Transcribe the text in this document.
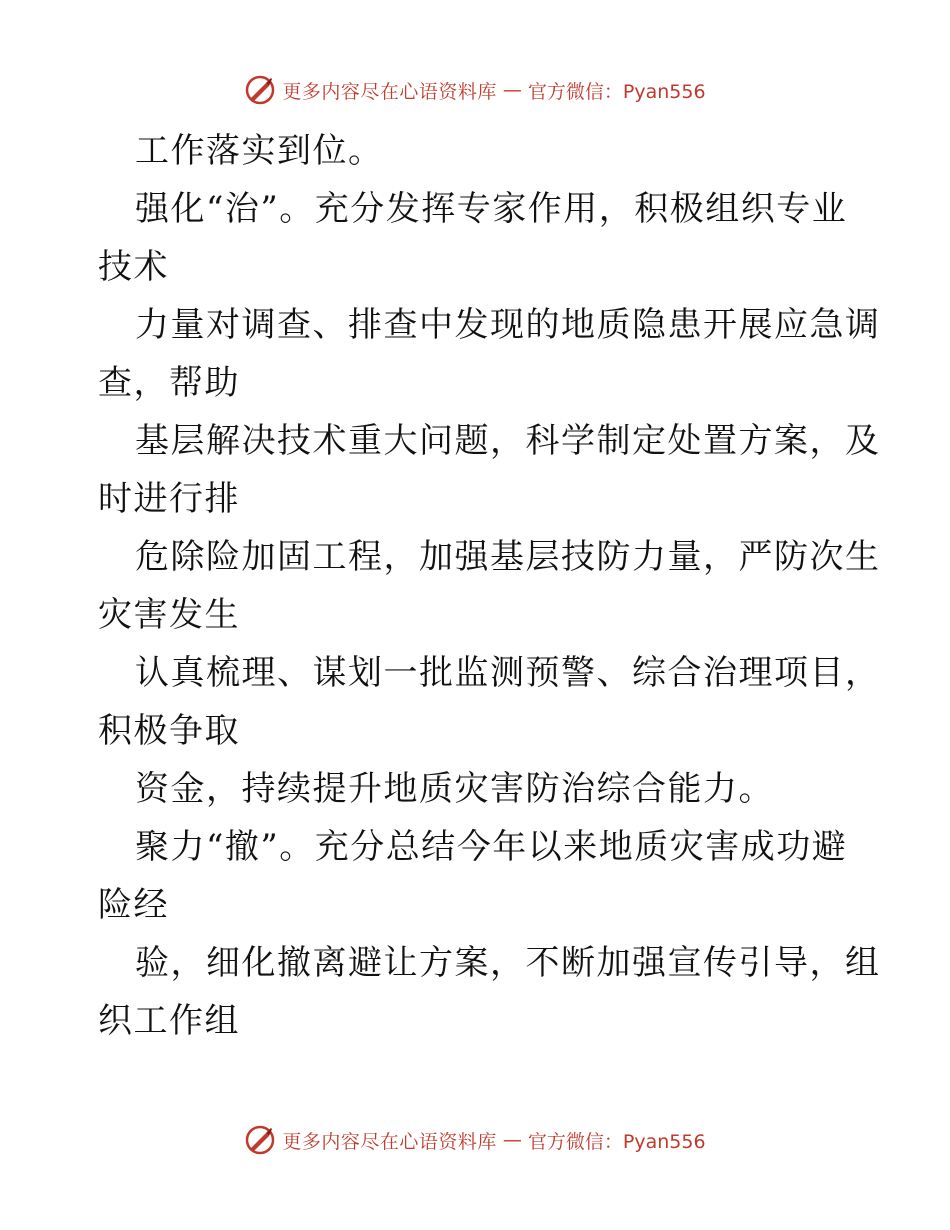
更多内容尽在心语资料库 — 官方微信：Pyan556
工作落实到位。
强化“治”。充分发挥专家作用，积极组织专业
技术
力量对调查、排查中发现的地质隐患开展应急调
查，帮助
基层解决技术重大问题，科学制定处置方案，及
时进行排
危除险加固工程，加强基层技防力量，严防次生
灾害发生
认真梳理、谋划一批监测预警、综合治理项目，
积极争取
资金，持续提升地质灾害防治综合能力。
聚力“撤”。充分总结今年以来地质灾害成功避
险经
验，细化撤离避让方案，不断加强宣传引导，组
织工作组
更多内容尽在心语资料库 — 官方微信：Pyan556
